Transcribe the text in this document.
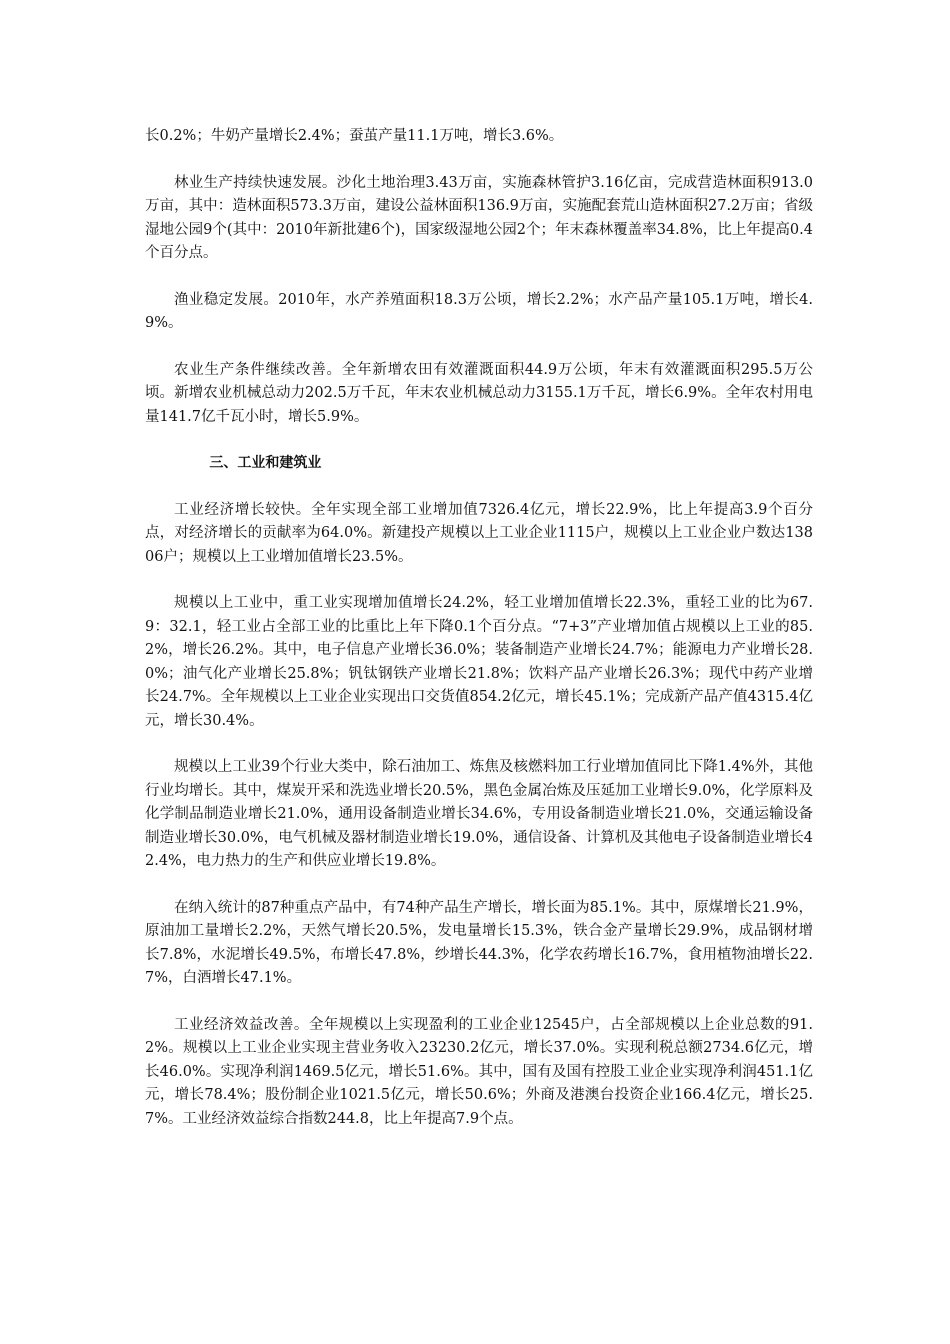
长0.2%；牛奶产量增长2.4%；蚕茧产量11.1万吨，增长3.6%。

林业生产持续快速发展。沙化土地治理3.43万亩，实施森林管护3.16亿亩，完成营造林面积913.0万亩，其中：造林面积573.3万亩，建设公益林面积136.9万亩，实施配套荒山造林面积27.2万亩；省级湿地公园9个(其中：2010年新批建6个)，国家级湿地公园2个；年末森林覆盖率34.8%，比上年提高0.4个百分点。

渔业稳定发展。2010年，水产养殖面积18.3万公顷，增长2.2%；水产品产量105.1万吨，增长4.9%。

农业生产条件继续改善。全年新增农田有效灌溉面积44.9万公顷，年末有效灌溉面积295.5万公顷。新增农业机械总动力202.5万千瓦，年末农业机械总动力3155.1万千瓦，增长6.9%。全年农村用电量141.7亿千瓦小时，增长5.9%。

三、工业和建筑业

工业经济增长较快。全年实现全部工业增加值7326.4亿元，增长22.9%，比上年提高3.9个百分点，对经济增长的贡献率为64.0%。新建投产规模以上工业企业1115户，规模以上工业企业户数达13806户；规模以上工业增加值增长23.5%。

规模以上工业中，重工业实现增加值增长24.2%，轻工业增加值增长22.3%，重轻工业的比为67.9：32.1，轻工业占全部工业的比重比上年下降0.1个百分点。“7+3”产业增加值占规模以上工业的85.2%，增长26.2%。其中，电子信息产业增长36.0%；装备制造产业增长24.7%；能源电力产业增长28.0%；油气化产业增长25.8%；钒钛钢铁产业增长21.8%；饮料产品产业增长26.3%；现代中药产业增长24.7%。全年规模以上工业企业实现出口交货值854.2亿元，增长45.1%；完成新产品产值4315.4亿元，增长30.4%。

规模以上工业39个行业大类中，除石油加工、炼焦及核燃料加工行业增加值同比下降1.4%外，其他行业均增长。其中，煤炭开采和洗选业增长20.5%，黑色金属冶炼及压延加工业增长9.0%，化学原料及化学制品制造业增长21.0%，通用设备制造业增长34.6%，专用设备制造业增长21.0%，交通运输设备制造业增长30.0%，电气机械及器材制造业增长19.0%，通信设备、计算机及其他电子设备制造业增长42.4%，电力热力的生产和供应业增长19.8%。

在纳入统计的87种重点产品中，有74种产品生产增长，增长面为85.1%。其中，原煤增长21.9%，原油加工量增长2.2%，天然气增长20.5%，发电量增长15.3%，铁合金产量增长29.9%，成品钢材增长7.8%，水泥增长49.5%，布增长47.8%，纱增长44.3%，化学农药增长16.7%，食用植物油增长22.7%，白酒增长47.1%。

工业经济效益改善。全年规模以上实现盈利的工业企业12545户，占全部规模以上企业总数的91.2%。规模以上工业企业实现主营业务收入23230.2亿元，增长37.0%。实现利税总额2734.6亿元，增长46.0%。实现净利润1469.5亿元，增长51.6%。其中，国有及国有控股工业企业实现净利润451.1亿元，增长78.4%；股份制企业1021.5亿元，增长50.6%；外商及港澳台投资企业166.4亿元，增长25.7%。工业经济效益综合指数244.8，比上年提高7.9个点。
